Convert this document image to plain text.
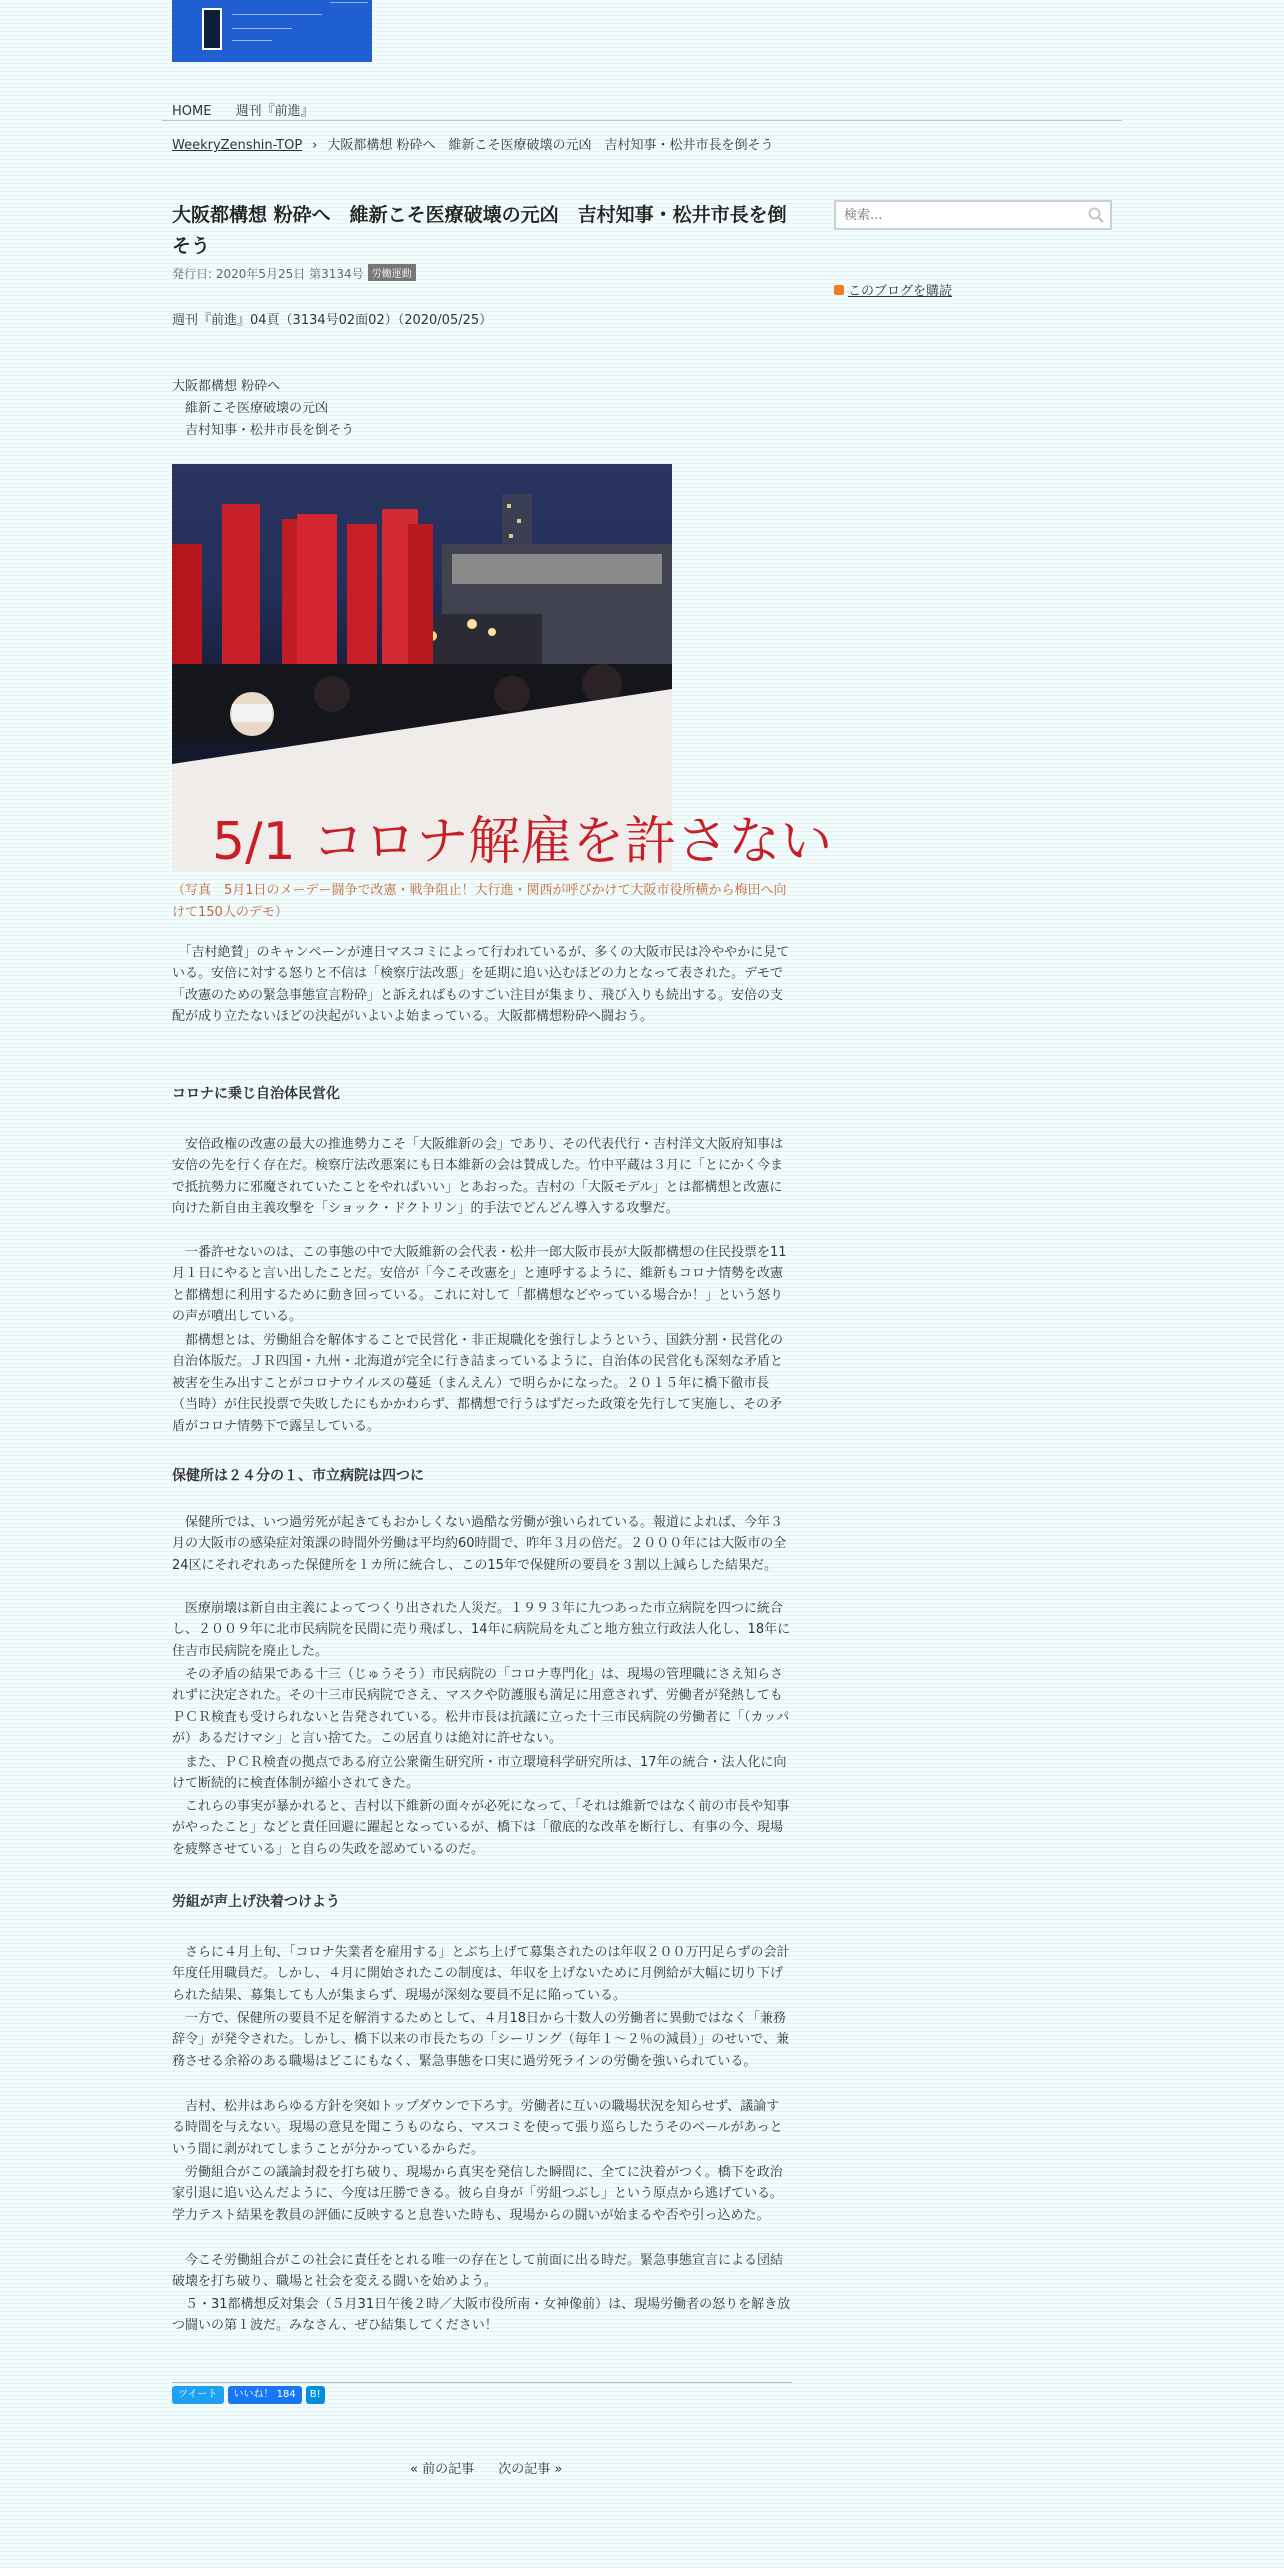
HOME 週刊『前進』
WeekryZenshin-TOP › 大阪都構想 粉砕へ　維新こそ医療破壊の元凶　吉村知事・松井市長を倒そう
大阪都構想 粉砕へ　維新こそ医療破壊の元凶　吉村知事・松井市長を倒そう
発行日: 2020年5月25日 第3134号 労働運動

週刊『前進』04頁（3134号02面02）（2020/05/25）

大阪都構想 粉砕へ

　維新こそ医療破壊の元凶

　吉村知事・松井市長を倒そう

5/1 コロナ解雇を許さない
（写真　5月1日のメーデー闘争で改憲・戦争阻止！大行進・関西が呼びかけて大阪市役所横から梅田へ向けて150人のデモ）

　「吉村絶賛」のキャンペーンが連日マスコミによって行われているが、多くの大阪市民は冷ややかに見ている。安倍に対する怒りと不信は「検察庁法改悪」を延期に追い込むほどの力となって表された。デモで「改憲のための緊急事態宣言粉砕」と訴えればものすごい注目が集まり、飛び入りも続出する。安倍の支配が成り立たないほどの決起がいよいよ始まっている。大阪都構想粉砕へ闘おう。

コロナに乗じ自治体民営化

　安倍政権の改憲の最大の推進勢力こそ「大阪維新の会」であり、その代表代行・吉村洋文大阪府知事は安倍の先を行く存在だ。検察庁法改悪案にも日本維新の会は賛成した。竹中平蔵は３月に「とにかく今まで抵抗勢力に邪魔されていたことをやればいい」とあおった。吉村の「大阪モデル」とは都構想と改憲に向けた新自由主義攻撃を「ショック・ドクトリン」的手法でどんどん導入する攻撃だ。

　一番許せないのは、この事態の中で大阪維新の会代表・松井一郎大阪市長が大阪都構想の住民投票を11月１日にやると言い出したことだ。安倍が「今こそ改憲を」と連呼するように、維新もコロナ情勢を改憲と都構想に利用するために動き回っている。これに対して「都構想などやっている場合か！」という怒りの声が噴出している。

　都構想とは、労働組合を解体することで民営化・非正規職化を強行しようという、国鉄分割・民営化の自治体版だ。ＪＲ四国・九州・北海道が完全に行き詰まっているように、自治体の民営化も深刻な矛盾と被害を生み出すことがコロナウイルスの蔓延（まんえん）で明らかになった。２０１５年に橋下徹市長（当時）が住民投票で失敗したにもかかわらず、都構想で行うはずだった政策を先行して実施し、その矛盾がコロナ情勢下で露呈している。

保健所は２４分の１、市立病院は四つに

　保健所では、いつ過労死が起きてもおかしくない過酷な労働が強いられている。報道によれば、今年３月の大阪市の感染症対策課の時間外労働は平均約60時間で、昨年３月の倍だ。２０００年には大阪市の全24区にそれぞれあった保健所を１カ所に統合し、この15年で保健所の要員を３割以上減らした結果だ。

　医療崩壊は新自由主義によってつくり出された人災だ。１９９３年に九つあった市立病院を四つに統合し、２００９年に北市民病院を民間に売り飛ばし、14年に病院局を丸ごと地方独立行政法人化し、18年に住吉市民病院を廃止した。

　その矛盾の結果である十三（じゅうそう）市民病院の「コロナ専門化」は、現場の管理職にさえ知らされずに決定された。その十三市民病院でさえ、マスクや防護服も満足に用意されず、労働者が発熱してもＰＣＲ検査も受けられないと告発されている。松井市長は抗議に立った十三市民病院の労働者に「（カッパが）あるだけマシ」と言い捨てた。この居直りは絶対に許せない。

　また、ＰＣＲ検査の拠点である府立公衆衛生研究所・市立環境科学研究所は、17年の統合・法人化に向けて断続的に検査体制が縮小されてきた。

　これらの事実が暴かれると、吉村以下維新の面々が必死になって、「それは維新ではなく前の市長や知事がやったこと」などと責任回避に躍起となっているが、橋下は「徹底的な改革を断行し、有事の今、現場を疲弊させている」と自らの失政を認めているのだ。

労組が声上げ決着つけよう

　さらに４月上旬、「コロナ失業者を雇用する」とぶち上げて募集されたのは年収２００万円足らずの会計年度任用職員だ。しかし、４月に開始されたこの制度は、年収を上げないために月例給が大幅に切り下げられた結果、募集しても人が集まらず、現場が深刻な要員不足に陥っている。

　一方で、保健所の要員不足を解消するためとして、４月18日から十数人の労働者に異動ではなく「兼務辞令」が発令された。しかし、橋下以来の市長たちの「シーリング（毎年１〜２％の減員）」のせいで、兼務させる余裕のある職場はどこにもなく、緊急事態を口実に過労死ラインの労働を強いられている。

　吉村、松井はあらゆる方針を突如トップダウンで下ろす。労働者に互いの職場状況を知らせず、議論する時間を与えない。現場の意見を聞こうものなら、マスコミを使って張り巡らしたうそのベールがあっという間に剥がれてしまうことが分かっているからだ。

　労働組合がこの議論封殺を打ち破り、現場から真実を発信した瞬間に、全てに決着がつく。橋下を政治家引退に追い込んだように、今度は圧勝できる。彼ら自身が「労組つぶし」という原点から逃げている。学力テスト結果を教員の評価に反映すると息巻いた時も、現場からの闘いが始まるや否や引っ込めた。

　今こそ労働組合がこの社会に責任をとれる唯一の存在として前面に出る時だ。緊急事態宣言による団結破壊を打ち破り、職場と社会を変える闘いを始めよう。

　５・31都構想反対集会（５月31日午後２時／大阪市役所南・女神像前）は、現場労働者の怒りを解き放つ闘いの第１波だ。みなさん、ぜひ結集してください！

ツイート いいね！ 184 B!
« 前の記事 次の記事 »
検索...
このブログを購読
